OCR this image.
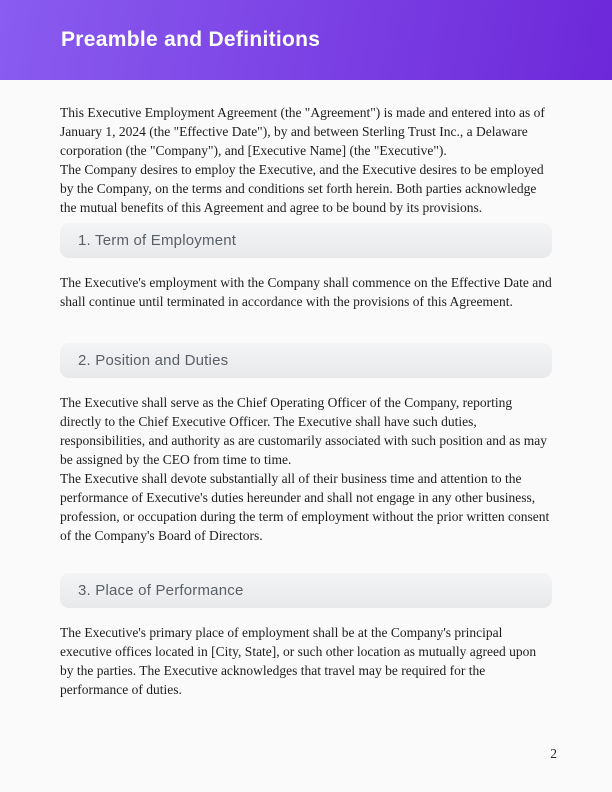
Preamble and Definitions

This Executive Employment Agreement (the "Agreement") is made and entered into as of January 1, 2024 (the "Effective Date"), by and between Sterling Trust Inc., a Delaware corporation (the "Company"), and [Executive Name] (the "Executive").

The Company desires to employ the Executive, and the Executive desires to be employed by the Company, on the terms and conditions set forth herein. Both parties acknowledge the mutual benefits of this Agreement and agree to be bound by its provisions.

1. Term of Employment

The Executive's employment with the Company shall commence on the Effective Date and shall continue until terminated in accordance with the provisions of this Agreement.

2. Position and Duties

The Executive shall serve as the Chief Operating Officer of the Company, reporting directly to the Chief Executive Officer. The Executive shall have such duties, responsibilities, and authority as are customarily associated with such position and as may be assigned by the CEO from time to time.

The Executive shall devote substantially all of their business time and attention to the performance of Executive's duties hereunder and shall not engage in any other business, profession, or occupation during the term of employment without the prior written consent of the Company's Board of Directors.

3. Place of Performance

The Executive's primary place of employment shall be at the Company's principal executive offices located in [City, State], or such other location as mutually agreed upon by the parties. The Executive acknowledges that travel may be required for the performance of duties.

2
